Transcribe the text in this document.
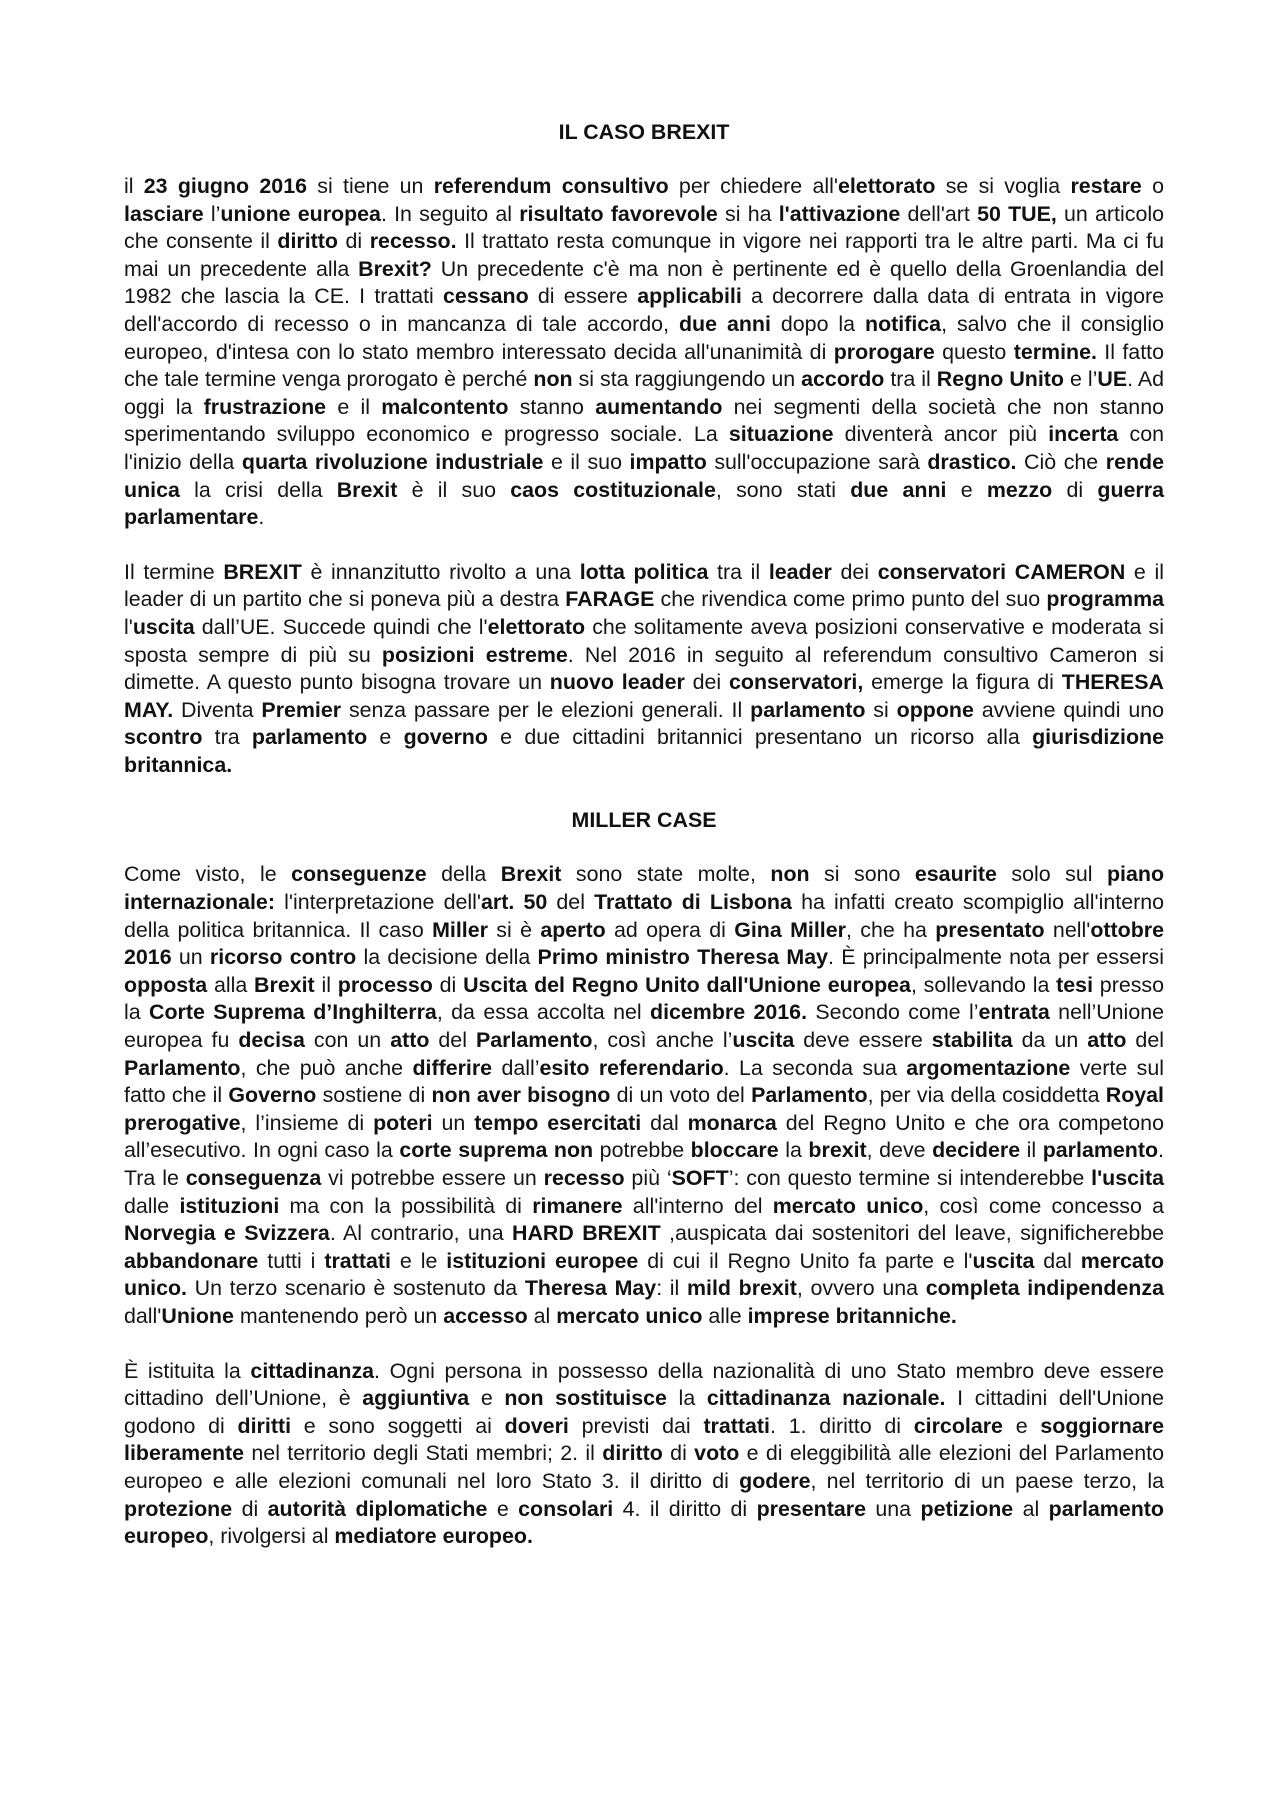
IL CASO BREXIT

il 23 giugno 2016 si tiene un referendum consultivo per chiedere all'elettorato se si voglia restare o lasciare l’unione europea. In seguito al risultato favorevole si ha l'attivazione dell'art 50 TUE, un articolo che consente il diritto di recesso. Il trattato resta comunque in vigore nei rapporti tra le altre parti. Ma ci fu mai un precedente alla Brexit? Un precedente c'è ma non è pertinente ed è quello della Groenlandia del 1982 che lascia la CE. I trattati cessano di essere applicabili a decorrere dalla data di entrata in vigore dell'accordo di recesso o in mancanza di tale accordo, due anni dopo la notifica, salvo che il consiglio europeo, d'intesa con lo stato membro interessato decida all'unanimità di prorogare questo termine. Il fatto che tale termine venga prorogato è perché non si sta raggiungendo un accordo tra il Regno Unito e l’UE. Ad oggi la frustrazione e il malcontento stanno aumentando nei segmenti della società che non stanno sperimentando sviluppo economico e progresso sociale. La situazione diventerà ancor più incerta con l'inizio della quarta rivoluzione industriale e il suo impatto sull'occupazione sarà drastico. Ciò che rende unica la crisi della Brexit è il suo caos costituzionale, sono stati due anni e mezzo di guerra parlamentare.

Il termine BREXIT è innanzitutto rivolto a una lotta politica tra il leader dei conservatori CAMERON e il leader di un partito che si poneva più a destra FARAGE che rivendica come primo punto del suo programma l'uscita dall’UE. Succede quindi che l'elettorato che solitamente aveva posizioni conservative e moderata si sposta sempre di più su posizioni estreme. Nel 2016 in seguito al referendum consultivo Cameron si dimette. A questo punto bisogna trovare un nuovo leader dei conservatori, emerge la figura di THERESA MAY. Diventa Premier senza passare per le elezioni generali. Il parlamento si oppone avviene quindi uno scontro tra parlamento e governo e due cittadini britannici presentano un ricorso alla giurisdizione britannica.

MILLER CASE

Come visto, le conseguenze della Brexit sono state molte, non si sono esaurite solo sul piano internazionale: l'interpretazione dell'art. 50 del Trattato di Lisbona ha infatti creato scompiglio all'interno della politica britannica. Il caso Miller si è aperto ad opera di Gina Miller, che ha presentato nell'ottobre 2016 un ricorso contro la decisione della Primo ministro Theresa May. È principalmente nota per essersi opposta alla Brexit il processo di Uscita del Regno Unito dall'Unione europea, sollevando la tesi presso la Corte Suprema d’Inghilterra, da essa accolta nel dicembre 2016. Secondo come l’entrata nell’Unione europea fu decisa con un atto del Parlamento, così anche l’uscita deve essere stabilita da un atto del Parlamento, che può anche differire dall’esito referendario. La seconda sua argomentazione verte sul fatto che il Governo sostiene di non aver bisogno di un voto del Parlamento, per via della cosiddetta Royal prerogative, l’insieme di poteri un tempo esercitati dal monarca del Regno Unito e che ora competono all’esecutivo. In ogni caso la corte suprema non potrebbe bloccare la brexit, deve decidere il parlamento. Tra le conseguenza vi potrebbe essere un recesso più ‘SOFT’: con questo termine si intenderebbe l'uscita dalle istituzioni ma con la possibilità di rimanere all'interno del mercato unico, così come concesso a Norvegia e Svizzera. Al contrario, una HARD BREXIT ,auspicata dai sostenitori del leave, significherebbe abbandonare tutti i trattati e le istituzioni europee di cui il Regno Unito fa parte e l'uscita dal mercato unico. Un terzo scenario è sostenuto da Theresa May: il mild brexit, ovvero una completa indipendenza dall'Unione mantenendo però un accesso al mercato unico alle imprese britanniche.

È istituita la cittadinanza. Ogni persona in possesso della nazionalità di uno Stato membro deve essere cittadino dell’Unione, è aggiuntiva e non sostituisce la cittadinanza nazionale. I cittadini dell'Unione godono di diritti e sono soggetti ai doveri previsti dai trattati. 1. diritto di circolare e soggiornare liberamente nel territorio degli Stati membri; 2. il diritto di voto e di eleggibilità alle elezioni del Parlamento europeo e alle elezioni comunali nel loro Stato 3. il diritto di godere, nel territorio di un paese terzo, la protezione di autorità diplomatiche e consolari 4. il diritto di presentare una petizione al parlamento europeo, rivolgersi al mediatore europeo.
